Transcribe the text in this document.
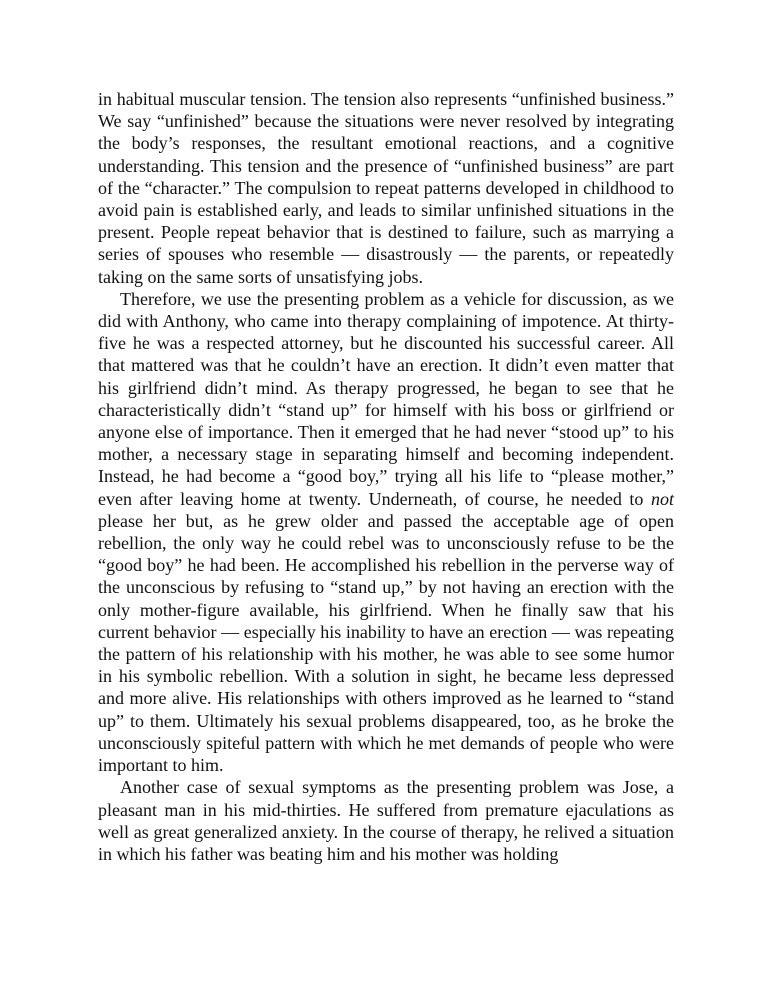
in habitual muscular tension. The tension also represents “unfinished business.” We say “unfinished” because the situations were never resolved by integrating the body’s responses, the resultant emotional reactions, and a cognitive understanding. This tension and the presence of “unfinished business” are part of the “character.” The compulsion to repeat patterns developed in childhood to avoid pain is established early, and leads to similar unfinished situations in the present. People repeat behavior that is destined to failure, such as marrying a series of spouses who resemble — disastrously — the parents, or repeatedly taking on the same sorts of unsatisfying jobs.

Therefore, we use the presenting problem as a vehicle for discussion, as we did with Anthony, who came into therapy complaining of impotence. At thirty-five he was a respected attorney, but he discounted his successful career. All that mattered was that he couldn’t have an erection. It didn’t even matter that his girlfriend didn’t mind. As therapy progressed, he began to see that he characteristically didn’t “stand up” for himself with his boss or girlfriend or anyone else of importance. Then it emerged that he had never “stood up” to his mother, a necessary stage in separating himself and becoming independent. Instead, he had become a “good boy,” trying all his life to “please mother,” even after leaving home at twenty. Underneath, of course, he needed to not please her but, as he grew older and passed the acceptable age of open rebellion, the only way he could rebel was to unconsciously refuse to be the “good boy” he had been. He accomplished his rebellion in the perverse way of the unconscious by refusing to “stand up,” by not having an erection with the only mother-figure available, his girlfriend. When he finally saw that his current behavior — especially his inability to have an erection — was repeating the pattern of his relationship with his mother, he was able to see some humor in his symbolic rebellion. With a solution in sight, he became less depressed and more alive. His relationships with others improved as he learned to “stand up” to them. Ultimately his sexual problems disappeared, too, as he broke the unconsciously spiteful pattern with which he met demands of people who were important to him.

Another case of sexual symptoms as the presenting problem was Jose, a pleasant man in his mid-thirties. He suffered from premature ejaculations as well as great generalized anxiety. In the course of therapy, he relived a situation in which his father was beating him and his mother was holding
